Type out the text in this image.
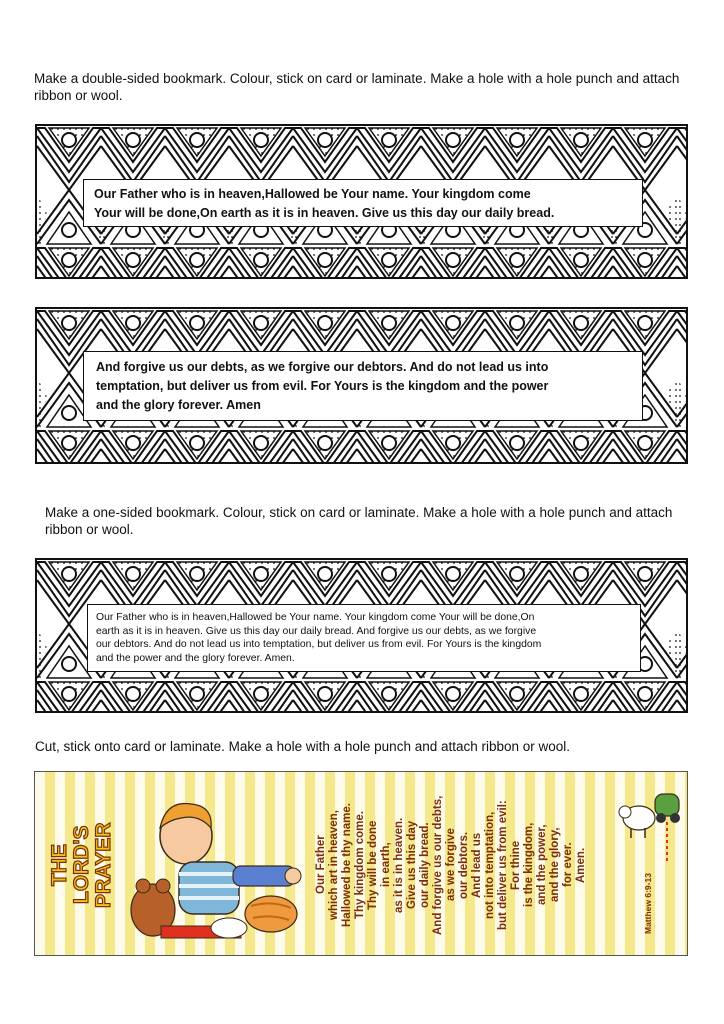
Make a double-sided bookmark. Colour, stick on card or laminate. Make a hole with a hole punch and attach ribbon or wool.

Our Father who is in heaven,Hallowed be Your name. Your kingdom come

Your will be done,On earth as it is in heaven. Give us this day our daily bread.

And forgive us our debts, as we forgive our debtors. And do not lead us into

temptation, but deliver us from evil. For Yours is the kingdom and the power

and the glory forever. Amen

Make a one-sided bookmark. Colour, stick on card or laminate. Make a hole with a hole punch and attach ribbon or wool.

Our Father who is in heaven,Hallowed be Your name. Your kingdom come Your will be done,On

earth as it is in heaven. Give us this day our daily bread. And forgive us our debts, as we forgive

our debtors. And do not lead us into temptation, but deliver us from evil. For Yours is the kingdom

and the power and the glory forever. Amen.

Cut, stick onto card or laminate. Make a hole with a hole punch and attach ribbon or wool.

THE LORD'S PRAYER	Our Father which art in heaven, Hallowed be thy name. Thy kingdom come. Thy will be done in earth, as it is in heaven. Give us this day our daily bread. And forgive us our debts, as we forgive our debtors. And lead us not into temptation, but deliver us from evil: For thine is the kingdom, and the power, and the glory, for ever. Amen.
Matthew 6:9-13
